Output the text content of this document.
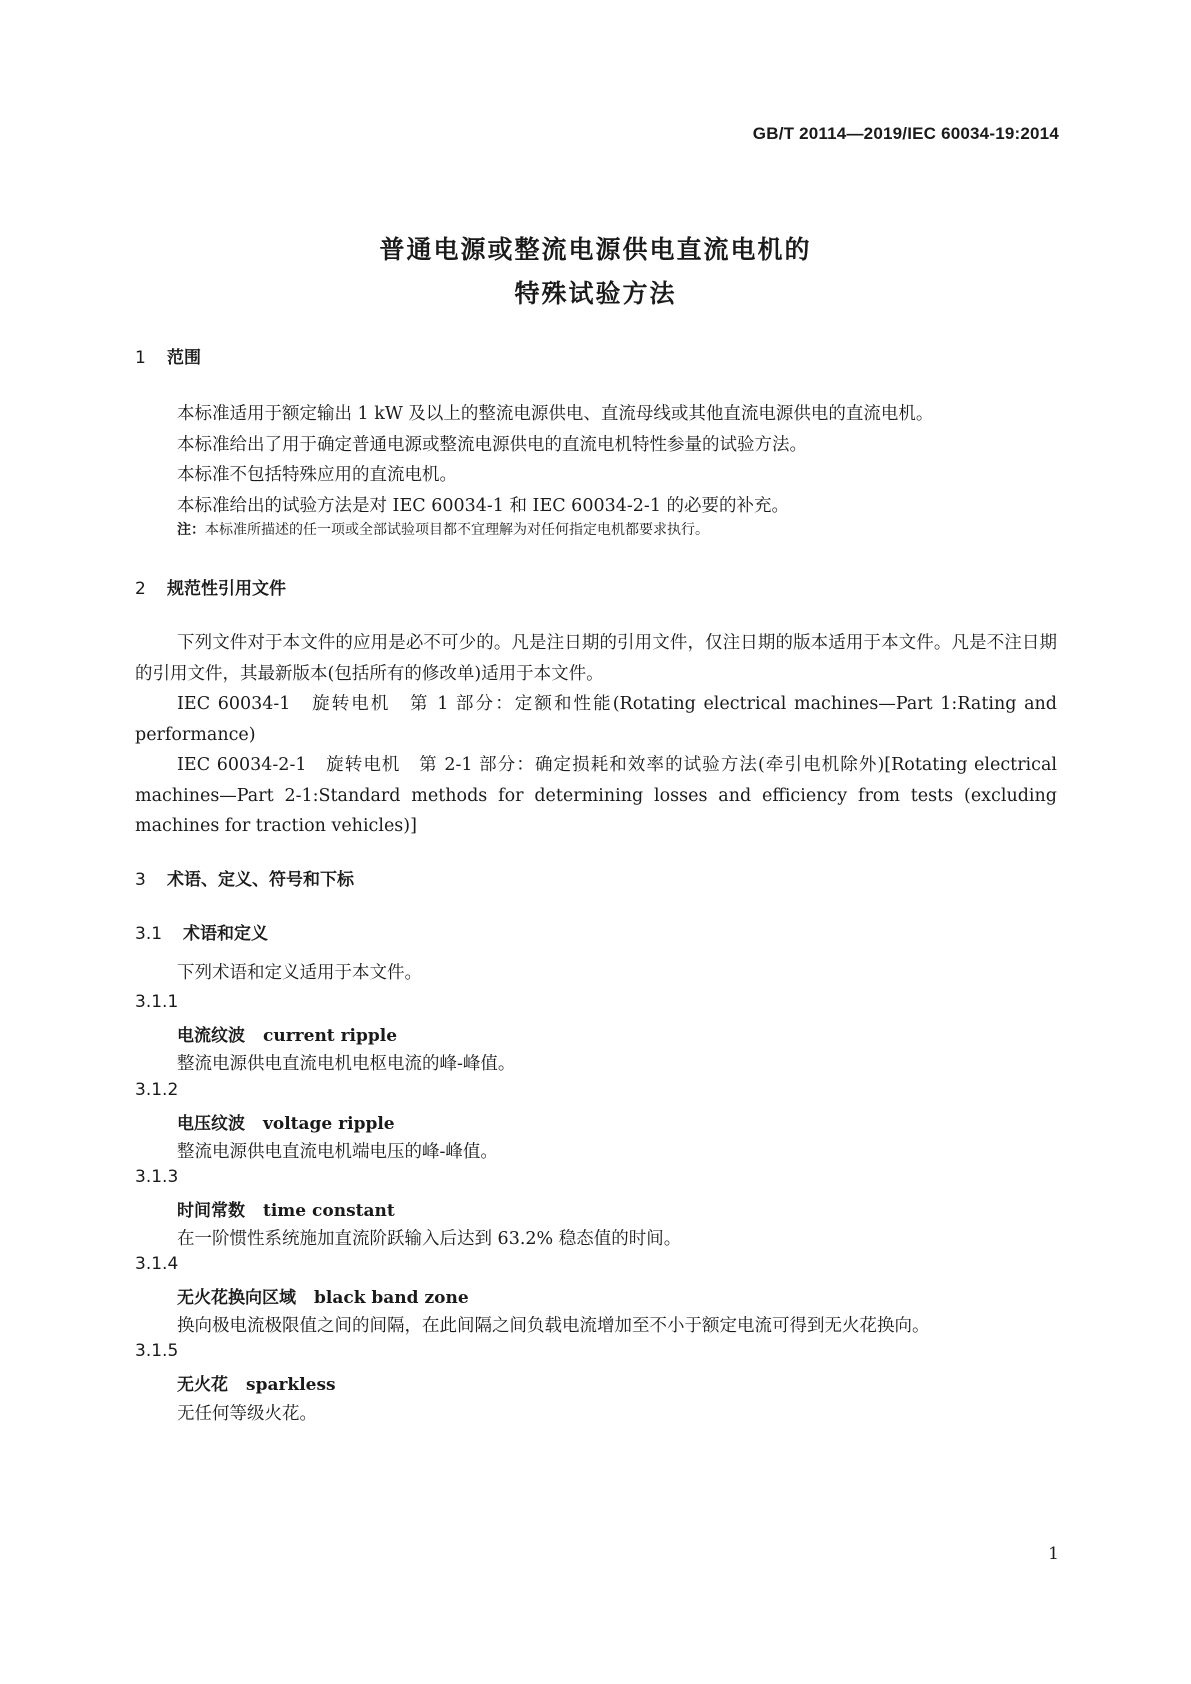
GB/T 20114—2019/IEC 60034-19:2014
普通电源或整流电源供电直流电机的
特殊试验方法
1 范围

本标准适用于额定输出 1 kW 及以上的整流电源供电、直流母线或其他直流电源供电的直流电机。

本标准给出了用于确定普通电源或整流电源供电的直流电机特性参量的试验方法。

本标准不包括特殊应用的直流电机。

本标准给出的试验方法是对 IEC 60034-1 和 IEC 60034-2-1 的必要的补充。

注：本标准所描述的任一项或全部试验项目都不宜理解为对任何指定电机都要求执行。
2 规范性引用文件

下列文件对于本文件的应用是必不可少的。凡是注日期的引用文件，仅注日期的版本适用于本文件。凡是不注日期的引用文件，其最新版本(包括所有的修改单)适用于本文件。

IEC 60034-1　旋转电机　第 1 部分：定额和性能(Rotating electrical machines—Part 1:Rating and performance)

IEC 60034-2-1　旋转电机　第 2-1 部分：确定损耗和效率的试验方法(牵引电机除外)[Rotating electrical machines—Part 2-1:Standard methods for determining losses and efficiency from tests (excluding machines for traction vehicles)]

3 术语、定义、符号和下标
3.1 术语和定义

下列术语和定义适用于本文件。

3.1.1
电流纹波 current ripple
整流电源供电直流电机电枢电流的峰-峰值。
3.1.2
电压纹波 voltage ripple
整流电源供电直流电机端电压的峰-峰值。
3.1.3
时间常数 time constant
在一阶惯性系统施加直流阶跃输入后达到 63.2% 稳态值的时间。
3.1.4
无火花换向区域 black band zone
换向极电流极限值之间的间隔，在此间隔之间负载电流增加至不小于额定电流可得到无火花换向。
3.1.5
无火花 sparkless
无任何等级火花。
1
